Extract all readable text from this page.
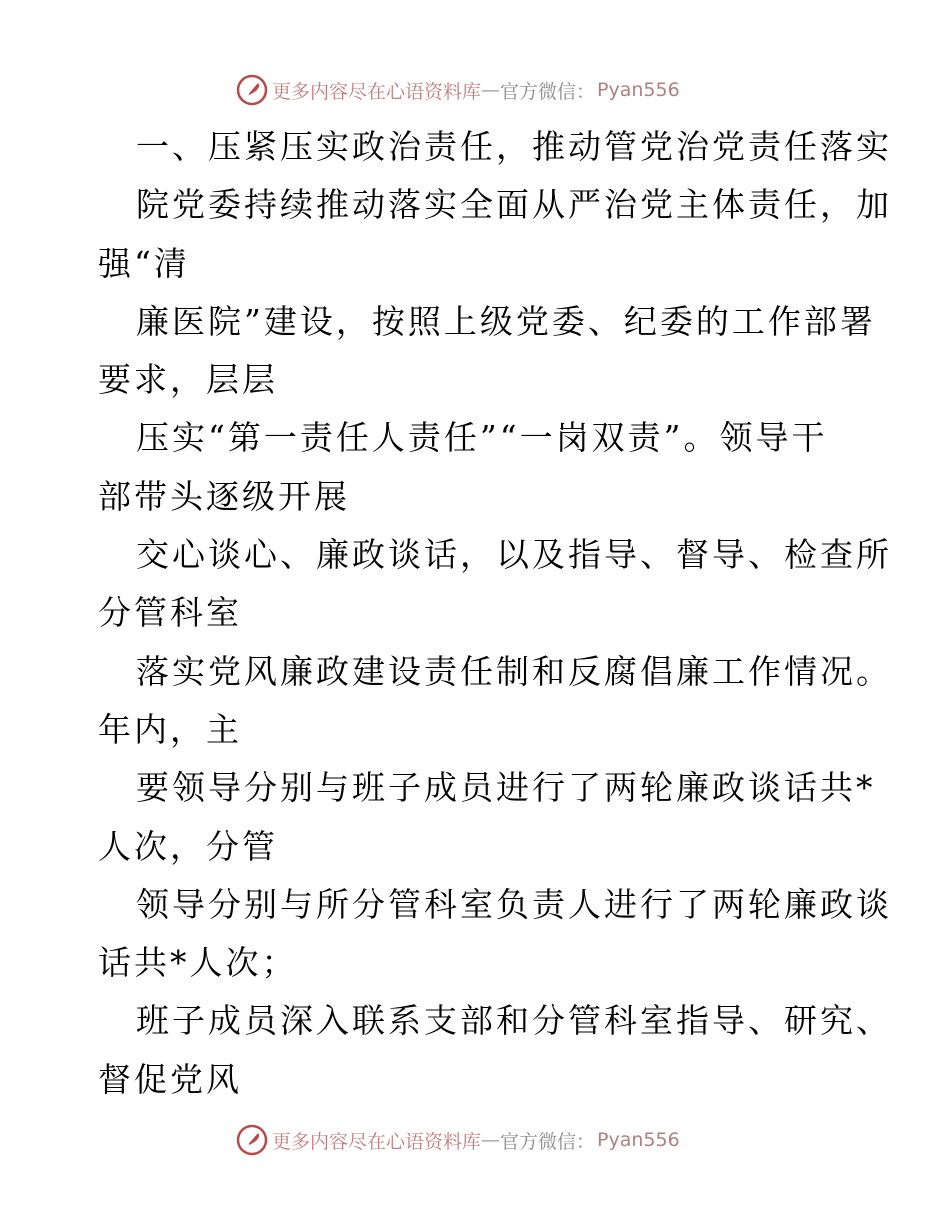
更多内容尽在心语资料库 — 官方微信： Pyan556
一、压紧压实政治责任，推动管党治党责任落实
院党委持续推动落实全面从严治党主体责任，加
强“清
廉医院”建设，按照上级党委、纪委的工作部署
要求，层层
压实“第一责任人责任”“一岗双责”。领导干
部带头逐级开展
交心谈心、廉政谈话，以及指导、督导、检查所
分管科室
落实党风廉政建设责任制和反腐倡廉工作情况。
年内，主
要领导分别与班子成员进行了两轮廉政谈话共*
人次，分管
领导分别与所分管科室负责人进行了两轮廉政谈
话共*人次；
班子成员深入联系支部和分管科室指导、研究、
督促党风
更多内容尽在心语资料库 — 官方微信： Pyan556
